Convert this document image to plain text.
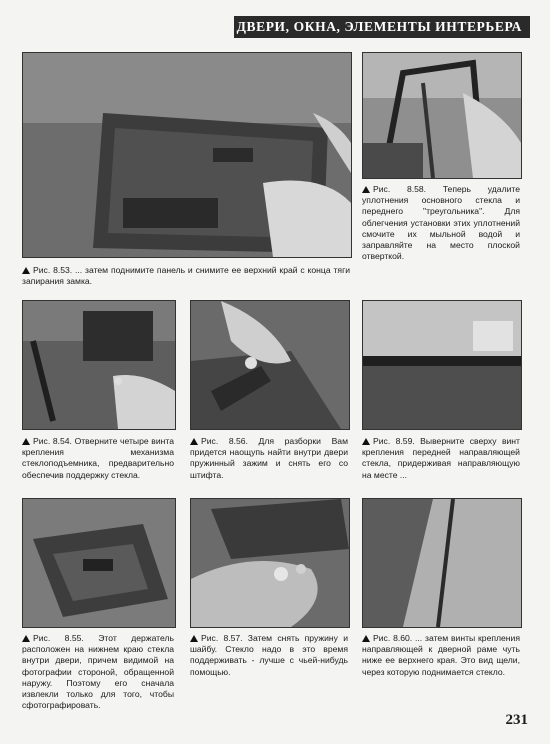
ДВЕРИ, ОКНА, ЭЛЕМЕНТЫ ИНТЕРЬЕРА
Рис. 8.58. Теперь удалите уплотнения основного стекла и переднего "треугольника". Для облегчения установки этих уплотнений смочите их мыльной водой и заправляйте на место плоской отверткой.
Рис. 8.53. ... затем поднимите панель и снимите ее верхний край с конца тяги запирания замка.
Рис. 8.54. Отверните четыре винта крепления механизма стеклоподъемника, предварительно обеспечив поддержку стекла.
Рис. 8.56. Для разборки Вам придется наощупь найти внутри двери пружинный зажим и снять его со штифта.
Рис. 8.59. Выверните сверху винт крепления передней направляющей стекла, придерживая направляющую на месте ...
Рис. 8.55. Этот держатель расположен на нижнем краю стекла внутри двери, причем видимой на фотографии стороной, обращенной наружу. Поэтому его сначала извлекли только для того, чтобы сфотографировать.
Рис. 8.57. Затем снять пружину и шайбу. Стекло надо в это время поддерживать - лучше с чьей-нибудь помощью.
Рис. 8.60. ... затем винты крепления направляющей к дверной раме чуть ниже ее верхнего края. Это вид щели, через которую поднимается стекло.
231
